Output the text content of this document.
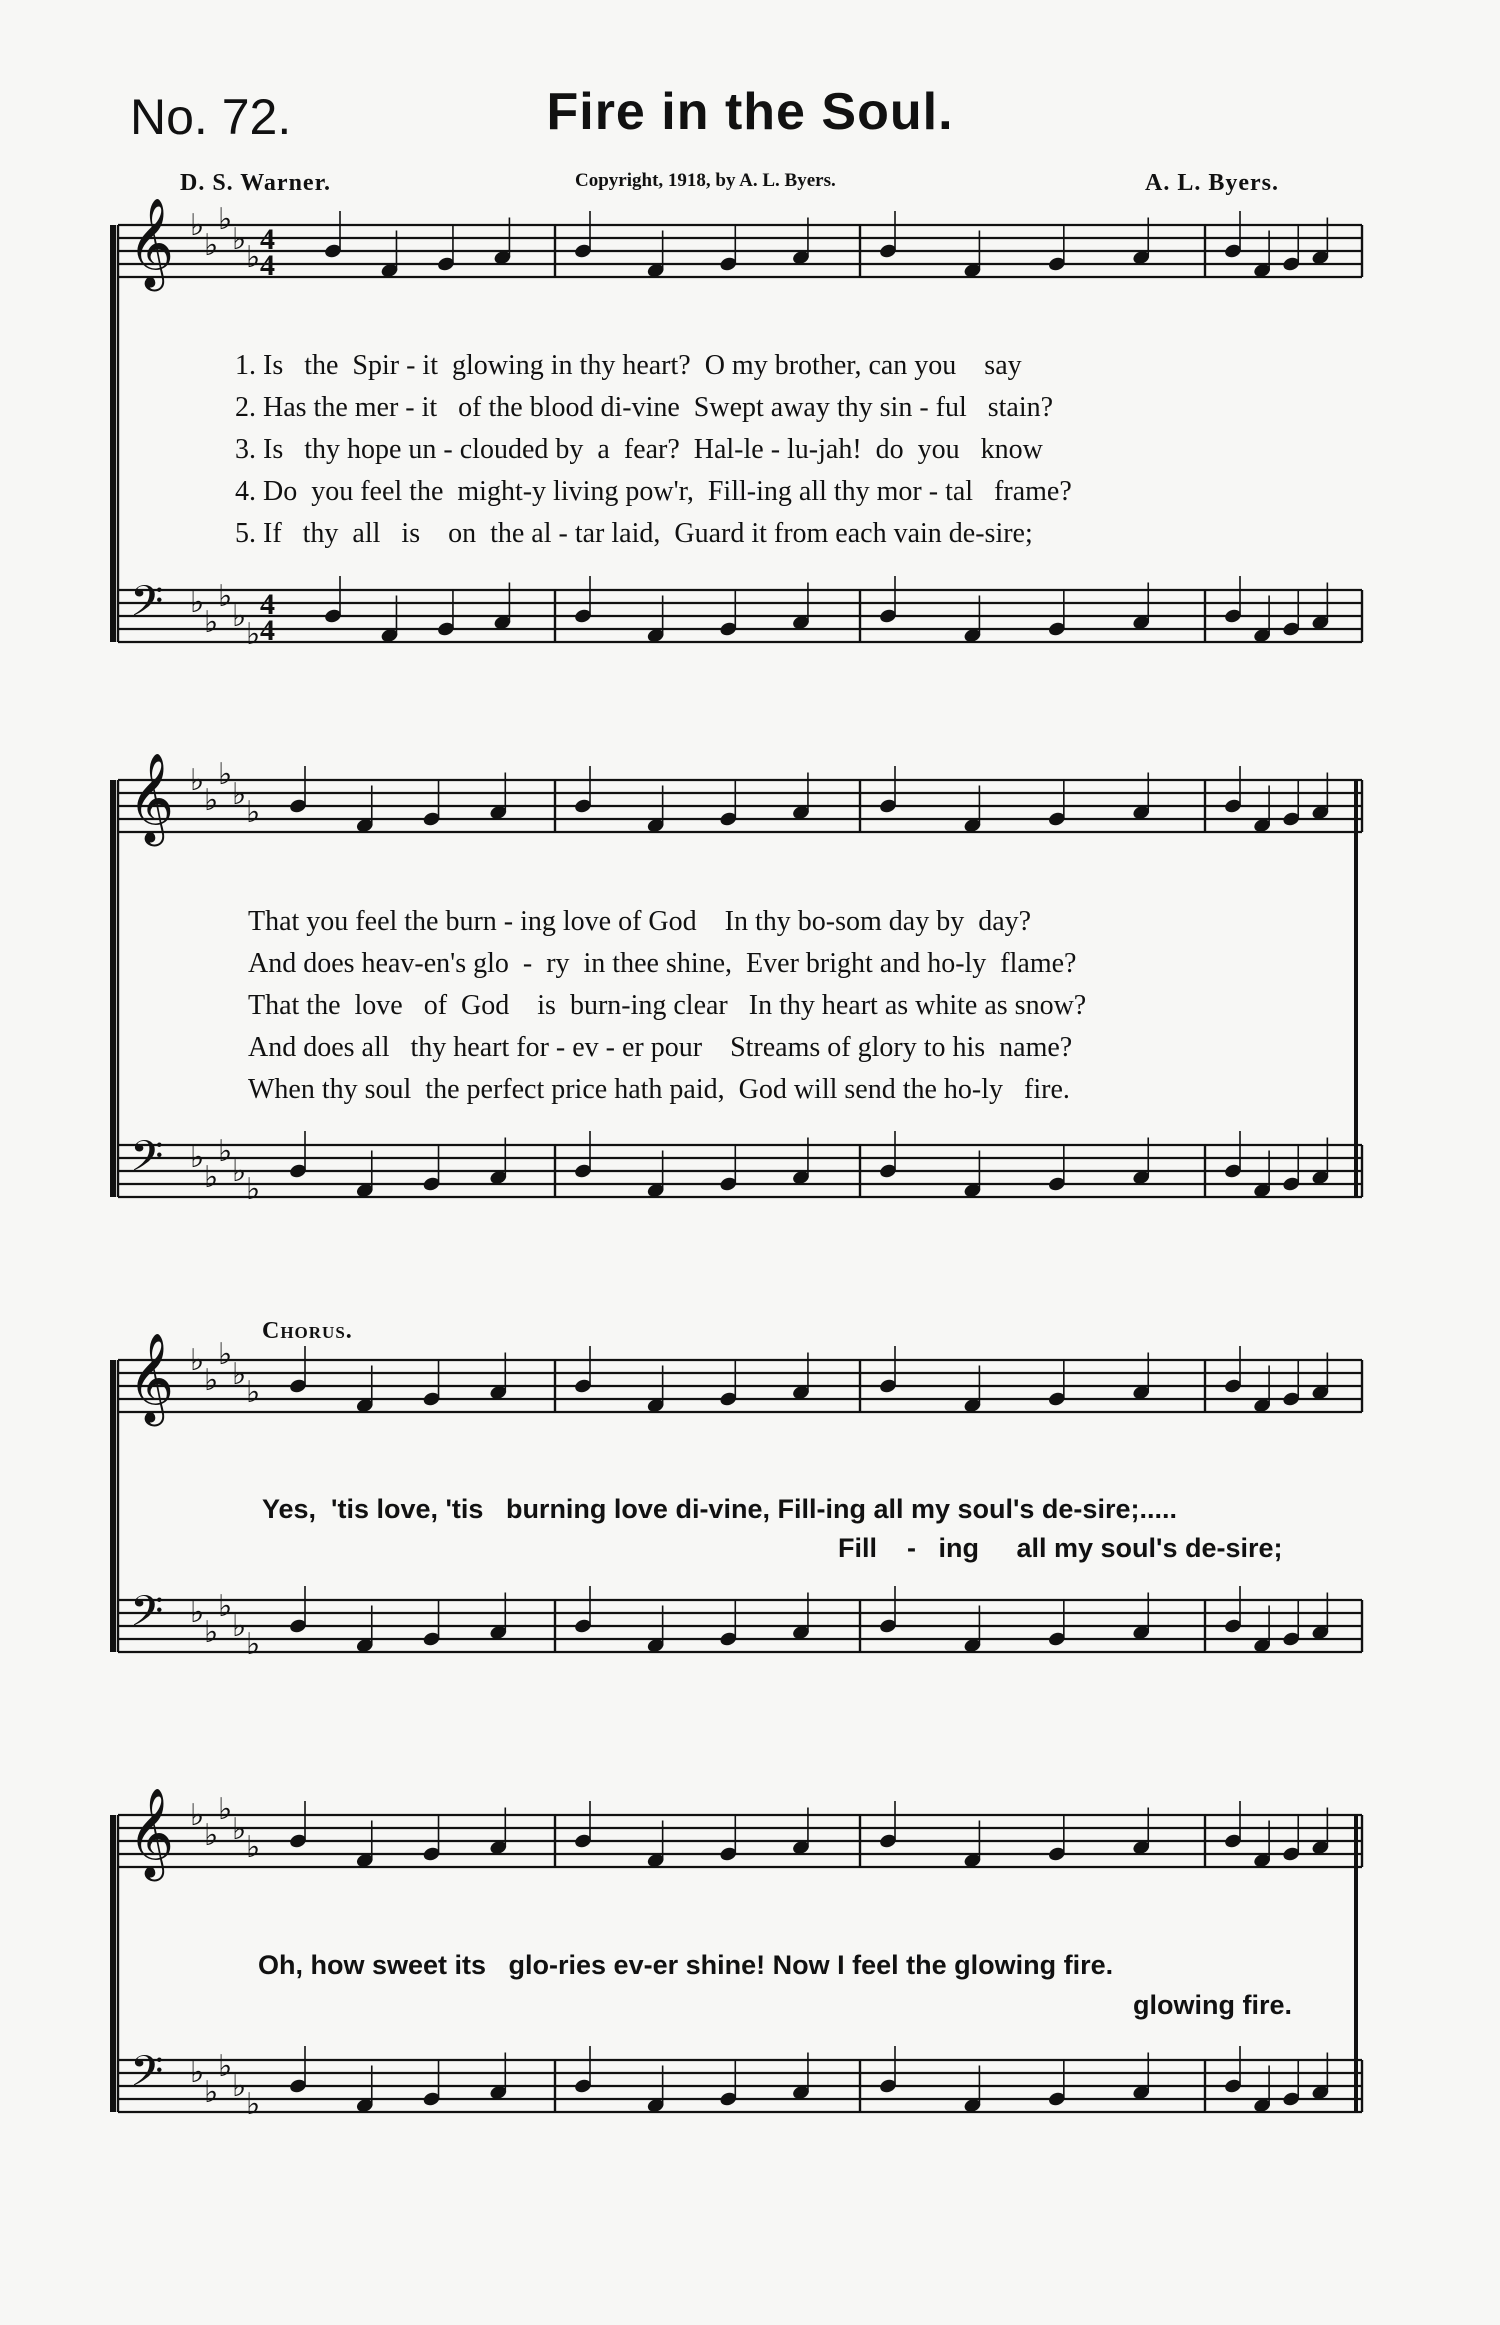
No. 72.	Fire in the Soul.
D. S. Warner.	Copyright, 1918, by A. L. Byers.	A. L. Byers.
𝄞
𝄢
♭
♭
♭
♭
♭
♭
♭
♭
♭
♭
4
4
4
4
𝄞
𝄢
♭
♭
♭
♭
♭
♭
♭
♭
♭
♭
𝄞
𝄢
♭
♭
♭
♭
♭
♭
♭
♭
♭
♭
𝄞
𝄢
♭
♭
♭
♭
♭
♭
♭
♭
♭
♭
1. Is   the  Spir - it  glowing in thy heart?  O my brother, can you    say
2. Has the mer - it   of the blood di-vine  Swept away thy sin - ful   stain?
3. Is   thy hope un - clouded by  a  fear?  Hal-le - lu-jah!  do  you   know
4. Do  you feel the  might-y living pow'r,  Fill-ing all thy mor - tal   frame?
5. If   thy  all   is    on  the al - tar laid,  Guard it from each vain de-sire;
That you feel the burn - ing love of God    In thy bo-som day by  day?
And does heav-en's glo  -  ry  in thee shine,  Ever bright and ho-ly  flame?
That the  love   of  God    is  burn-ing clear   In thy heart as white as snow?
And does all   thy heart for - ev - er pour    Streams of glory to his  name?
When thy soul  the perfect price hath paid,  God will send the ho-ly   fire.
Chorus.
Yes,  'tis love, 'tis   burning love di-vine, Fill-ing all my soul's de-sire;.....
Fill    -   ing     all my soul's de-sire;
Oh, how sweet its   glo-ries ev-er shine! Now I feel the glowing fire.
glowing fire.
